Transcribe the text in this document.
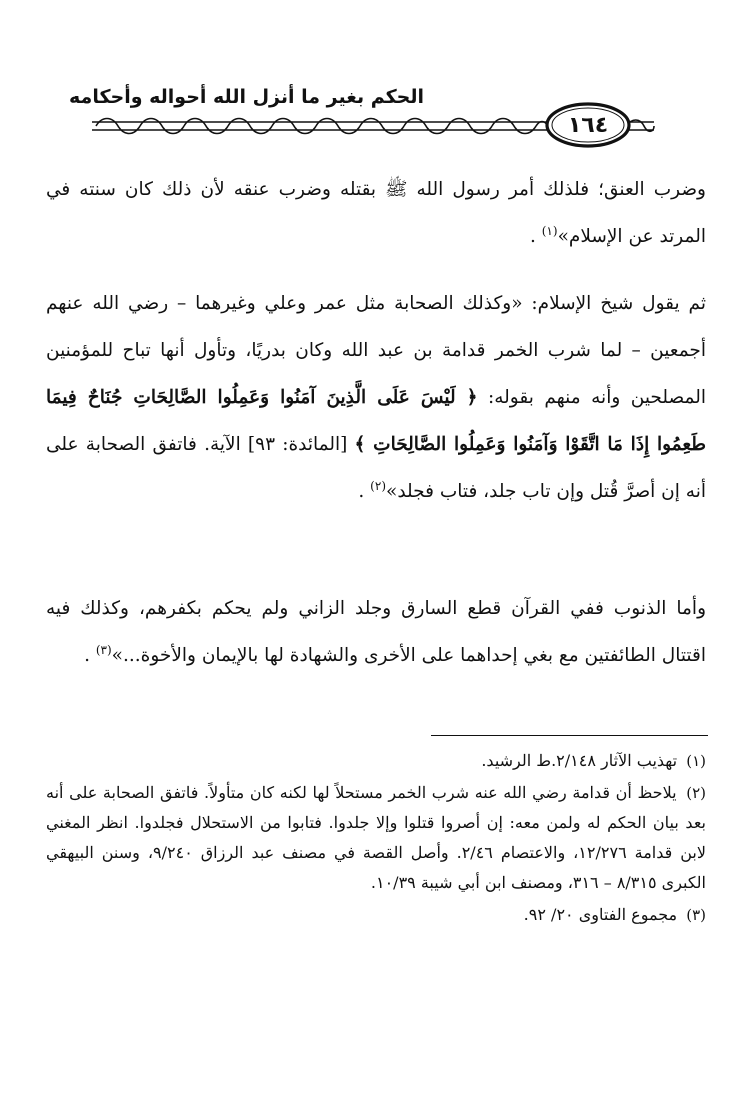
الحكم بغير ما أنزل الله أحواله وأحكامه
١٦٤

وضرب العنق؛ فلذلك أمر رسول الله ﷺ بقتله وضرب عنقه لأن ذلك كان سنته في المرتد عن الإسلام»$^{(١)}$ .

ثم يقول شيخ الإسلام: «وكذلك الصحابة مثل عمر وعلي وغيرهما – رضي الله عنهم أجمعين – لما شرب الخمر قدامة بن عبد الله وكان بدريًا، وتأول أنها تباح للمؤمنين المصلحين وأنه منهم بقوله: ﴿ لَيْسَ عَلَى الَّذِينَ آمَنُوا وَعَمِلُوا الصَّالِحَاتِ جُنَاحٌ فِيمَا طَعِمُوا إِذَا مَا اتَّقَوْا وَآمَنُوا وَعَمِلُوا الصَّالِحَاتِ ﴾ [المائدة: ٩٣] الآية. فاتفق الصحابة على أنه إن أصرَّ قُتل وإن تاب جلد، فتاب فجلد»$^{(٢)}$ .

وأما الذنوب ففي القرآن قطع السارق وجلد الزاني ولم يحكم بكفرهم، وكذلك فيه اقتتال الطائفتين مع بغي إحداهما على الأخرى والشهادة لها بالإيمان والأخوة...»$^{(٣)}$ .

(١) تهذيب الآثار ٢/١٤٨.ط الرشيد.

(٢) يلاحظ أن قدامة رضي الله عنه شرب الخمر مستحلاً لها لكنه كان متأولاً. فاتفق الصحابة على أنه بعد بيان الحكم له ولمن معه: إن أصروا قتلوا وإلا جلدوا. فتابوا من الاستحلال فجلدوا. انظر المغني لابن قدامة ١٢/٢٧٦، والاعتصام ٢/٤٦. وأصل القصة في مصنف عبد الرزاق ٩/٢٤٠، وسنن البيهقي الكبرى ٨/٣١٥ – ٣١٦، ومصنف ابن أبي شيبة ١٠/٣٩.

(٣) مجموع الفتاوى ٢٠/ ٩٢.
